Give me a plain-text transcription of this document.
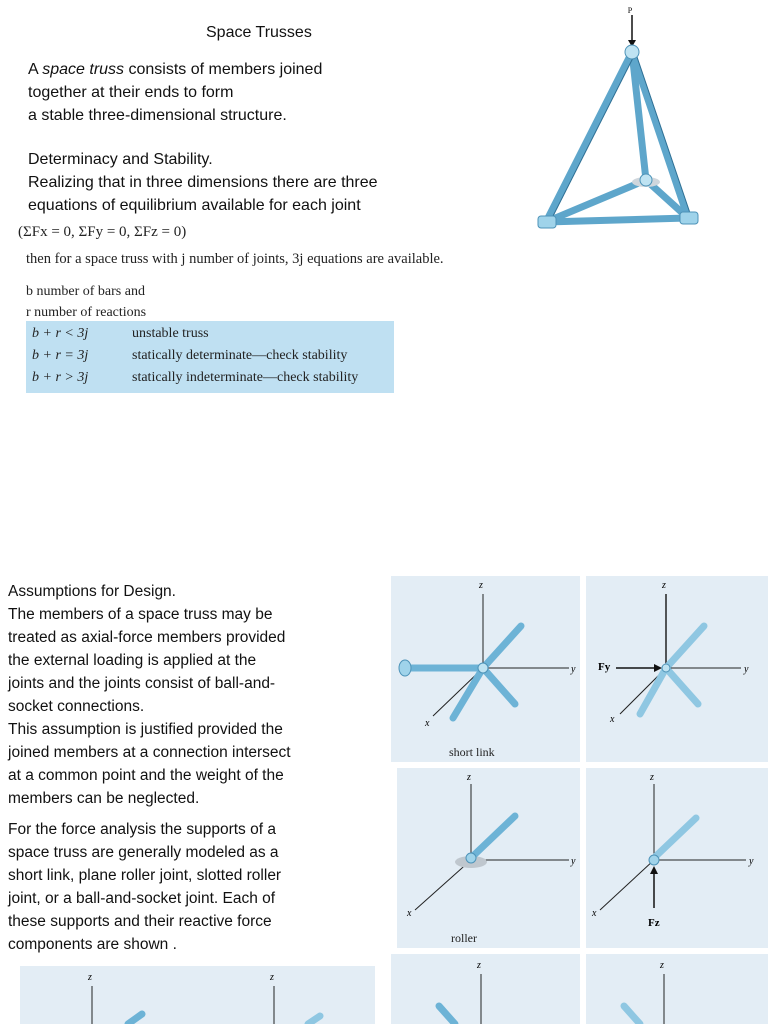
Space Trusses
A space truss consists of members joined
together at their ends to form
a stable three-dimensional structure.
Determinacy and Stability.
Realizing that in three dimensions there are three
equations of equilibrium available for each joint
(ΣFx = 0, ΣFy = 0, ΣFz = 0)
then for a space truss with j number of joints, 3j equations are available.
b number of bars and
r number of reactions
b + r < 3j	unstable truss
b + r = 3j	statically determinate—check stability
b + r > 3j	statically indeterminate—check stability
P
Assumptions for Design.
The members of a space truss may be
treated as axial-force members provided
the external loading is applied at the
joints and the joints consist of ball-and-
socket connections.
This assumption is justified provided the
joined members at a connection intersect
at a common point and the weight of the
members can be neglected.
For the force analysis the supports of a
space truss are generally modeled as a
short link, plane roller joint, slotted roller
joint, or a ball-and-socket joint. Each of
these supports and their reactive force
components are shown .
z
y
x
short link
z
y
x
Fy
z
y
x
roller
z
y
x
Fz
z	z
z	z
